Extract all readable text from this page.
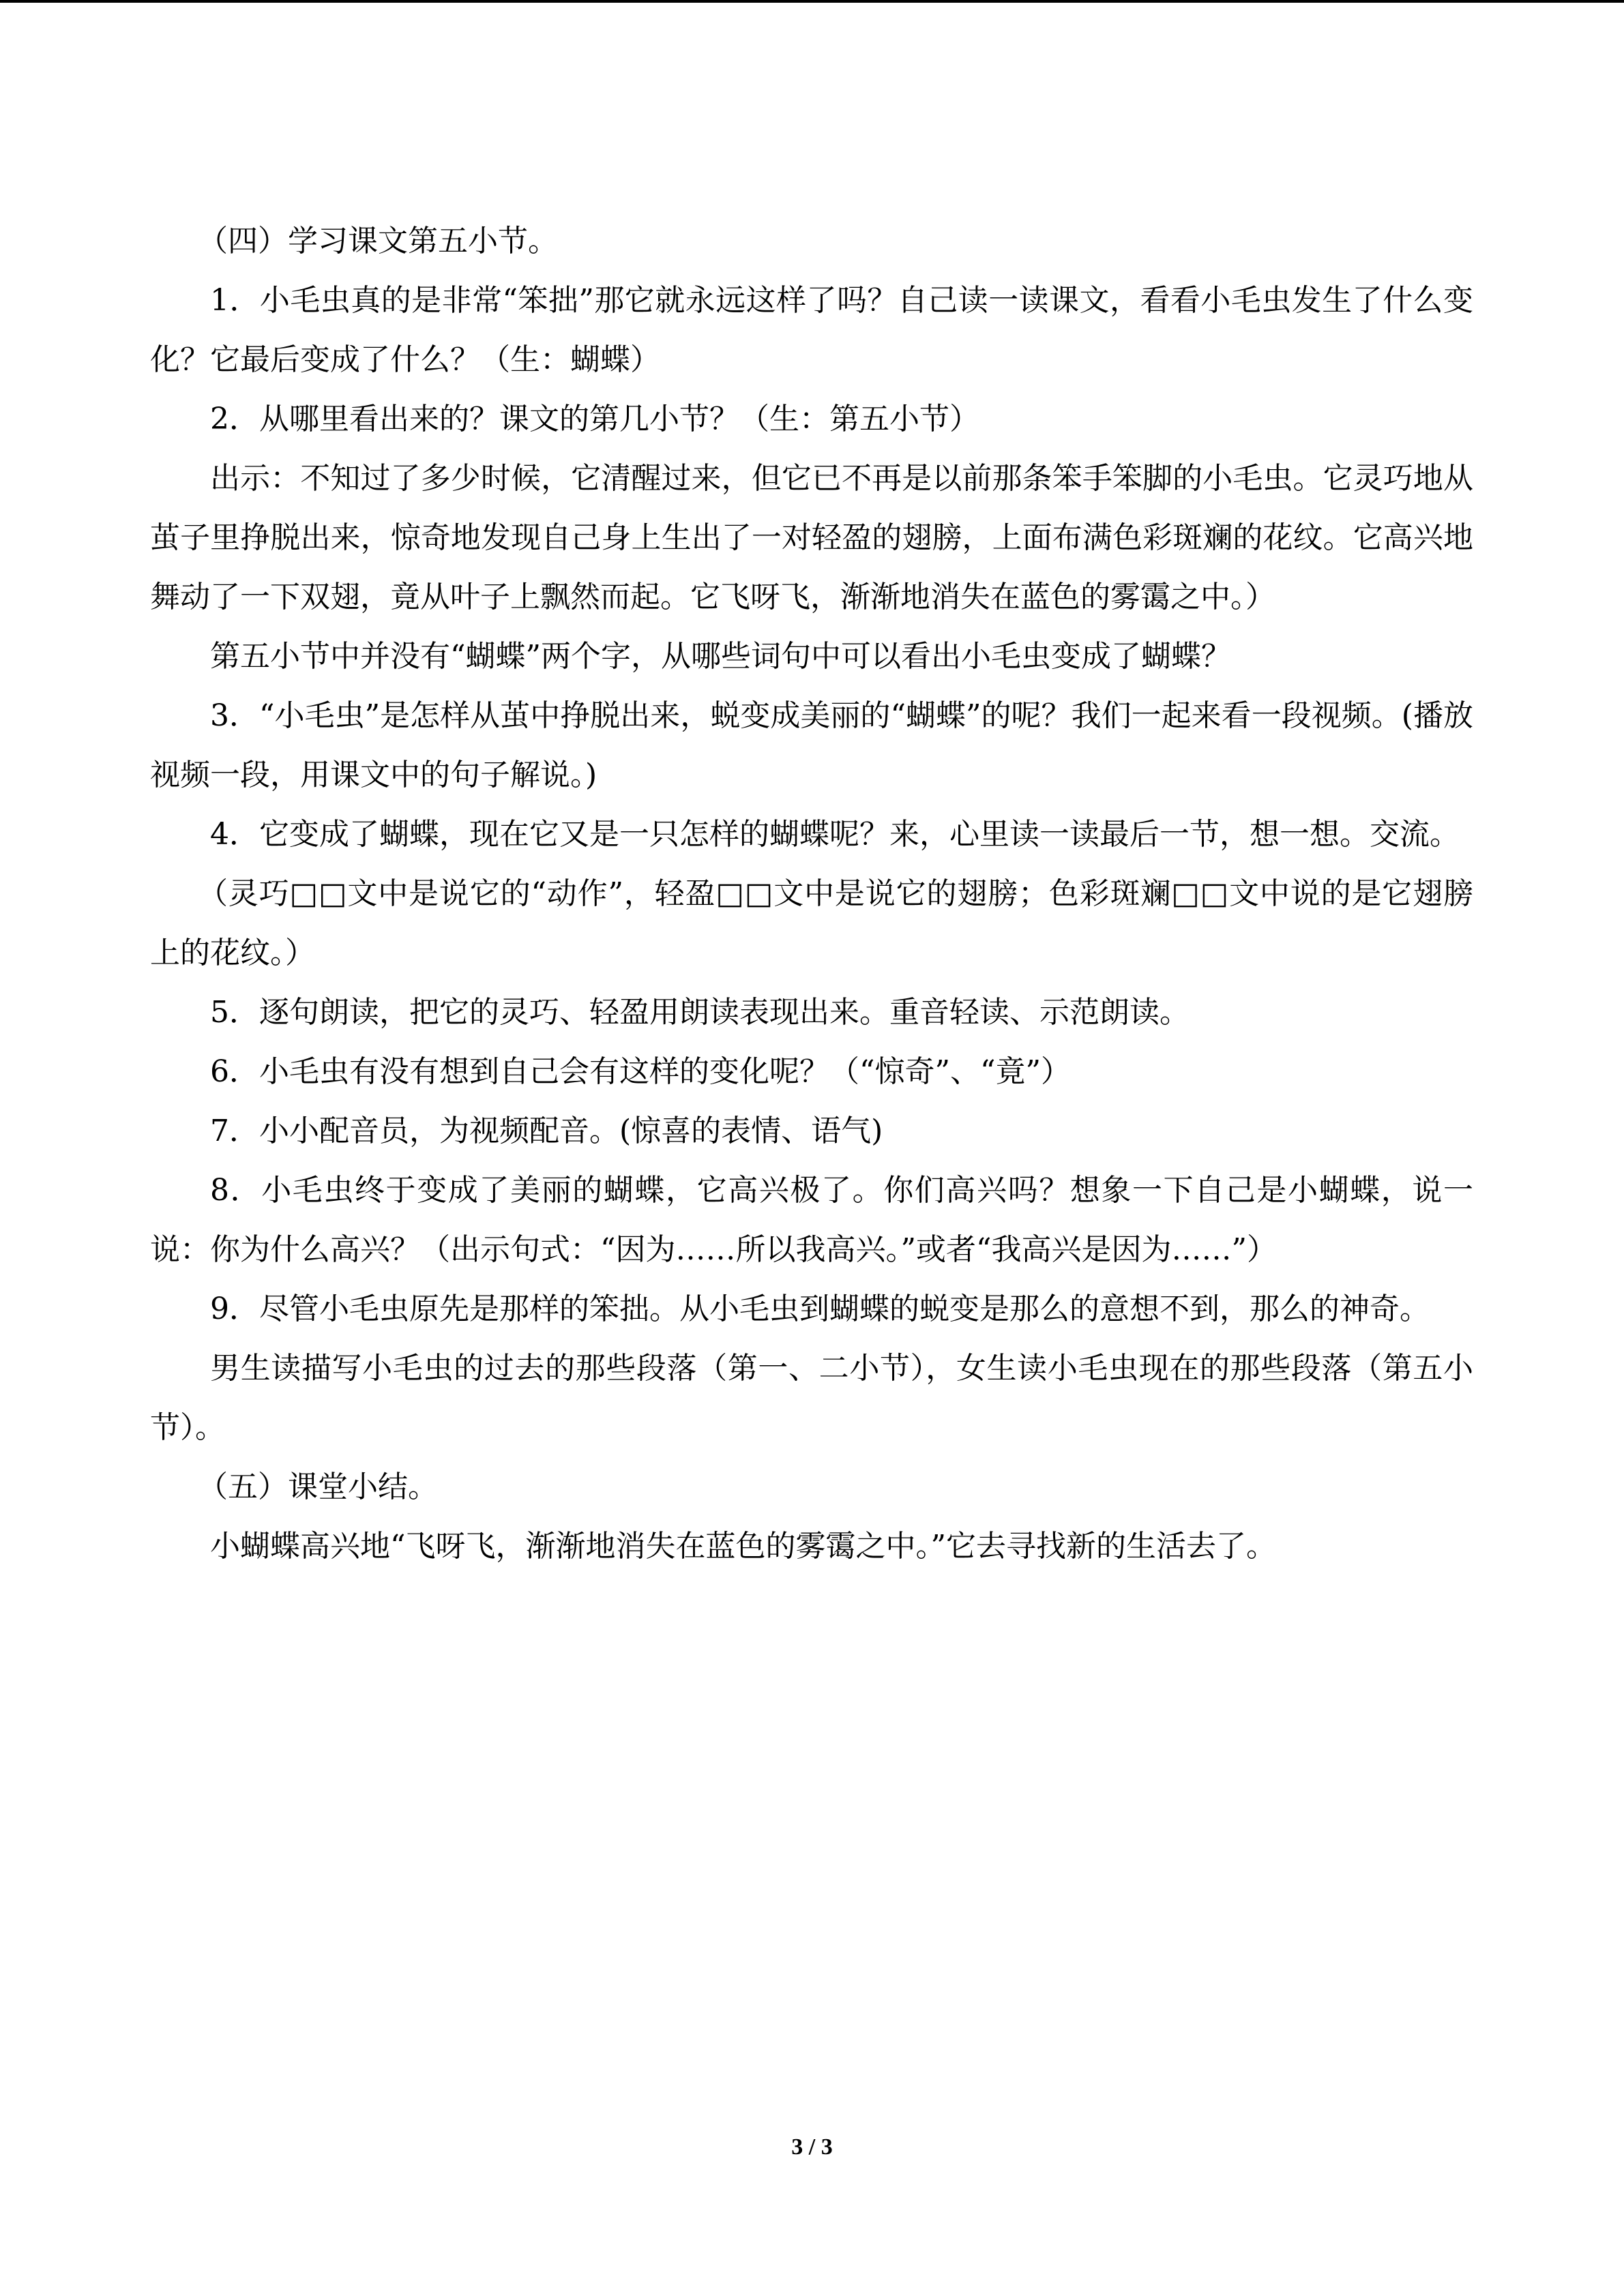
（四）学习课文第五小节。

1．小毛虫真的是非常“笨拙”那它就永远这样了吗？自己读一读课文，看看小毛虫发生了什么变化？它最后变成了什么？（生：蝴蝶）

2．从哪里看出来的？课文的第几小节？（生：第五小节）

出示：不知过了多少时候，它清醒过来，但它已不再是以前那条笨手笨脚的小毛虫。它灵巧地从茧子里挣脱出来，惊奇地发现自己身上生出了一对轻盈的翅膀，上面布满色彩斑斓的花纹。它高兴地舞动了一下双翅，竟从叶子上飘然而起。它飞呀飞，渐渐地消失在蓝色的雾霭之中。）

第五小节中并没有“蝴蝶”两个字，从哪些词句中可以看出小毛虫变成了蝴蝶？

3．“小毛虫”是怎样从茧中挣脱出来，蜕变成美丽的“蝴蝶”的呢？我们一起来看一段视频。(播放视频一段，用课文中的句子解说。)

4．它变成了蝴蝶，现在它又是一只怎样的蝴蝶呢？来，心里读一读最后一节，想一想。交流。

（灵巧□□文中是说它的“动作”，轻盈□□文中是说它的翅膀；色彩斑斓□□文中说的是它翅膀上的花纹。）

5．逐句朗读，把它的灵巧、轻盈用朗读表现出来。重音轻读、示范朗读。

6．小毛虫有没有想到自己会有这样的变化呢？（“惊奇”、“竟”）

7．小小配音员，为视频配音。(惊喜的表情、语气)

8．小毛虫终于变成了美丽的蝴蝶，它高兴极了。你们高兴吗？想象一下自己是小蝴蝶，说一说：你为什么高兴？（出示句式：“因为……所以我高兴。”或者“我高兴是因为……”）

9．尽管小毛虫原先是那样的笨拙。从小毛虫到蝴蝶的蜕变是那么的意想不到，那么的神奇。

男生读描写小毛虫的过去的那些段落（第一、二小节），女生读小毛虫现在的那些段落（第五小节）。

（五）课堂小结。

小蝴蝶高兴地“飞呀飞，渐渐地消失在蓝色的雾霭之中。”它去寻找新的生活去了。

3 / 3
